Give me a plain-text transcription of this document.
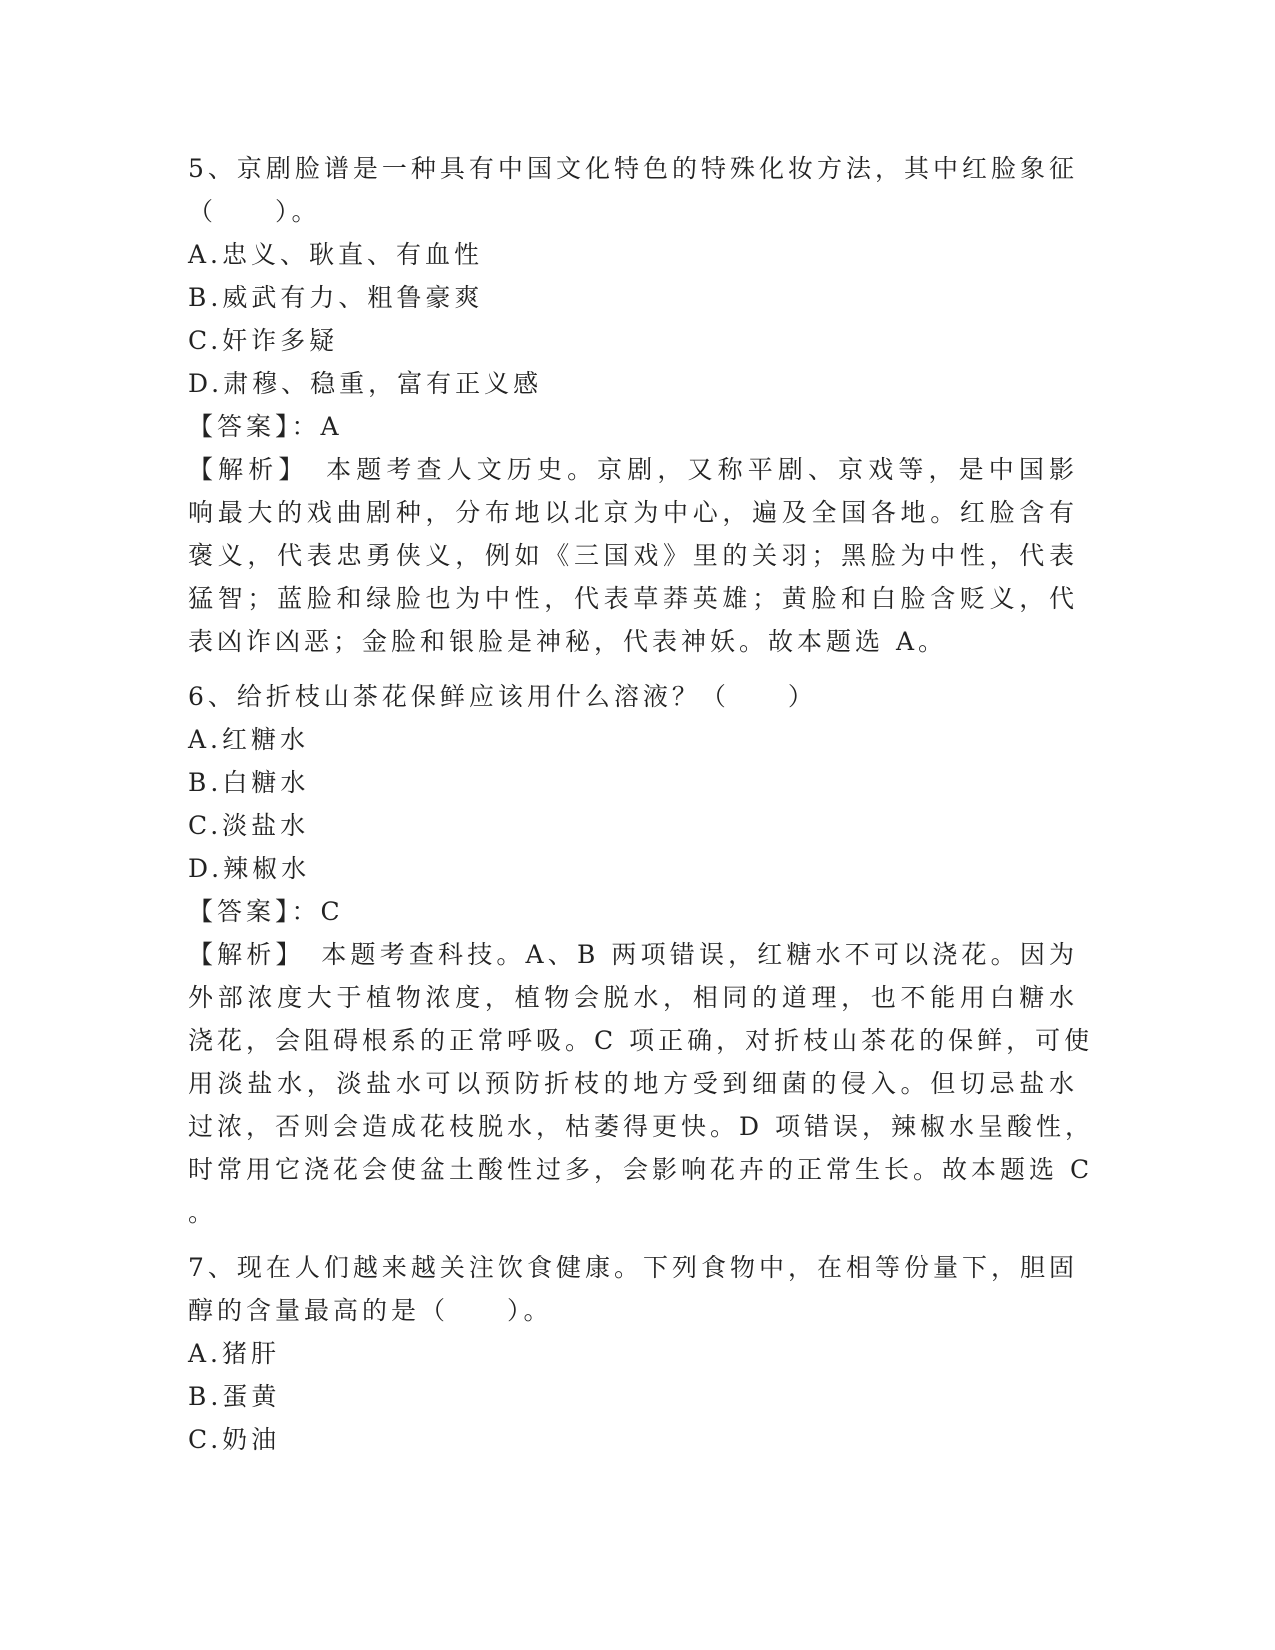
5、京剧脸谱是一种具有中国文化特色的特殊化妆方法，其中红脸象征
（　　）。
A.忠义、耿直、有血性
B.威武有力、粗鲁豪爽
C.奸诈多疑
D.肃穆、稳重，富有正义感
【答案】：A
【解析】　本题考查人文历史。京剧，又称平剧、京戏等，是中国影
响最大的戏曲剧种，分布地以北京为中心，遍及全国各地。红脸含有
褒义，代表忠勇侠义，例如《三国戏》里的关羽；黑脸为中性，代表
猛智；蓝脸和绿脸也为中性，代表草莽英雄；黄脸和白脸含贬义，代
表凶诈凶恶；金脸和银脸是神秘，代表神妖。故本题选 A。
6、给折枝山茶花保鲜应该用什么溶液？（　　）
A.红糖水
B.白糖水
C.淡盐水
D.辣椒水
【答案】：C
【解析】　本题考查科技。A、B 两项错误，红糖水不可以浇花。因为
外部浓度大于植物浓度，植物会脱水，相同的道理，也不能用白糖水
浇花，会阻碍根系的正常呼吸。C 项正确，对折枝山茶花的保鲜，可使
用淡盐水，淡盐水可以预防折枝的地方受到细菌的侵入。但切忌盐水
过浓，否则会造成花枝脱水，枯萎得更快。D 项错误，辣椒水呈酸性，
时常用它浇花会使盆土酸性过多，会影响花卉的正常生长。故本题选 C
。
7、现在人们越来越关注饮食健康。下列食物中，在相等份量下，胆固
醇的含量最高的是（　　）。
A.猪肝
B.蛋黄
C.奶油
